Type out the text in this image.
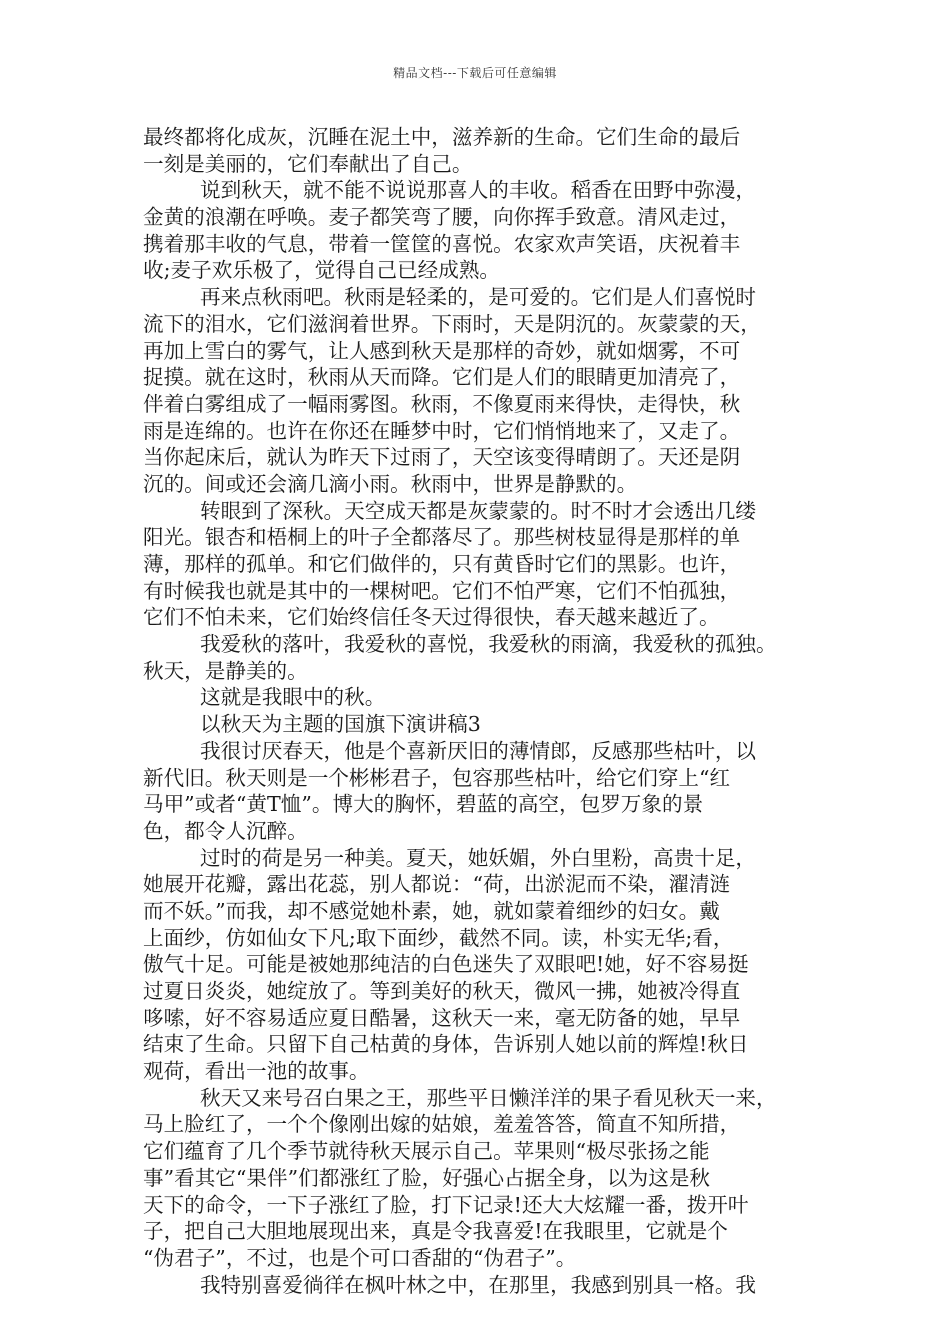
精品文档---下载后可任意编辑
最终都将化成灰，沉睡在泥土中，滋养新的生命。它们生命的最后
一刻是美丽的，它们奉献出了自己。
说到秋天，就不能不说说那喜人的丰收。稻香在田野中弥漫，
金黄的浪潮在呼唤。麦子都笑弯了腰，向你挥手致意。清风走过，
携着那丰收的气息，带着一筐筐的喜悦。农家欢声笑语，庆祝着丰
收;麦子欢乐极了，觉得自己已经成熟。
再来点秋雨吧。秋雨是轻柔的，是可爱的。它们是人们喜悦时
流下的泪水，它们滋润着世界。下雨时，天是阴沉的。灰蒙蒙的天，
再加上雪白的雾气，让人感到秋天是那样的奇妙，就如烟雾，不可
捉摸。就在这时，秋雨从天而降。它们是人们的眼睛更加清亮了，
伴着白雾组成了一幅雨雾图。秋雨，不像夏雨来得快，走得快，秋
雨是连绵的。也许在你还在睡梦中时，它们悄悄地来了，又走了。
当你起床后，就认为昨天下过雨了，天空该变得晴朗了。天还是阴
沉的。间或还会滴几滴小雨。秋雨中，世界是静默的。
转眼到了深秋。天空成天都是灰蒙蒙的。时不时才会透出几缕
阳光。银杏和梧桐上的叶子全都落尽了。那些树枝显得是那样的单
薄，那样的孤单。和它们做伴的，只有黄昏时它们的黑影。也许，
有时候我也就是其中的一棵树吧。它们不怕严寒，它们不怕孤独，
它们不怕未来，它们始终信任冬天过得很快，春天越来越近了。
我爱秋的落叶，我爱秋的喜悦，我爱秋的雨滴，我爱秋的孤独。
秋天，是静美的。
这就是我眼中的秋。
以秋天为主题的国旗下演讲稿3
我很讨厌春天，他是个喜新厌旧的薄情郎，反感那些枯叶，以
新代旧。秋天则是一个彬彬君子，包容那些枯叶，给它们穿上“红
马甲”或者“黄T恤”。博大的胸怀，碧蓝的高空，包罗万象的景
色，都令人沉醉。
过时的荷是另一种美。夏天，她妖媚，外白里粉，高贵十足，
她展开花瓣，露出花蕊，别人都说：“荷，出淤泥而不染，濯清涟
而不妖。”而我，却不感觉她朴素，她，就如蒙着细纱的妇女。戴
上面纱，仿如仙女下凡;取下面纱，截然不同。读，朴实无华;看，
傲气十足。可能是被她那纯洁的白色迷失了双眼吧!她，好不容易挺
过夏日炎炎，她绽放了。等到美好的秋天，微风一拂，她被冷得直
哆嗦，好不容易适应夏日酷暑，这秋天一来，毫无防备的她，早早
结束了生命。只留下自己枯黄的身体，告诉别人她以前的辉煌!秋日
观荷，看出一池的故事。
秋天又来号召白果之王，那些平日懒洋洋的果子看见秋天一来，
马上脸红了，一个个像刚出嫁的姑娘，羞羞答答，简直不知所措，
它们蕴育了几个季节就待秋天展示自己。苹果则“极尽张扬之能
事”看其它“果伴”们都涨红了脸，好强心占据全身，以为这是秋
天下的命令，一下子涨红了脸，打下记录!还大大炫耀一番，拨开叶
子，把自己大胆地展现出来，真是令我喜爱!在我眼里，它就是个
“伪君子”，不过，也是个可口香甜的“伪君子”。
我特别喜爱徜徉在枫叶林之中，在那里，我感到别具一格。我
